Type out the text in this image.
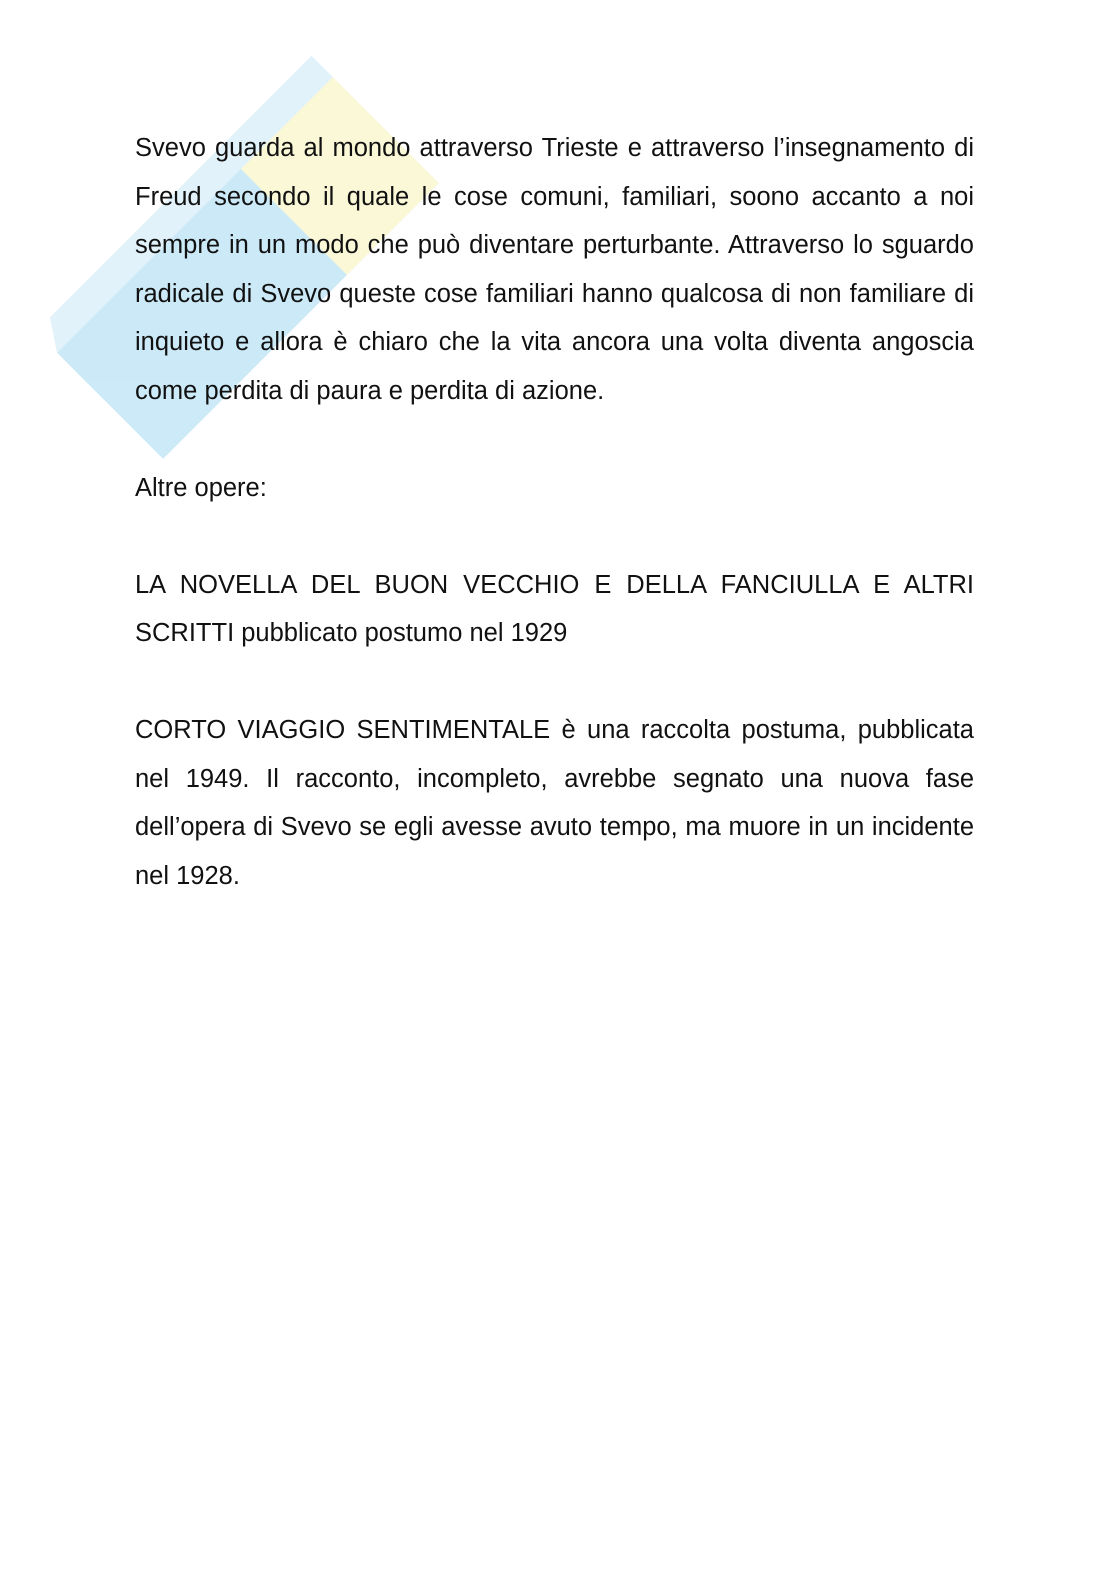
Svevo guarda al mondo attraverso Trieste e attraverso l’insegnamento di Freud secondo il quale le cose comuni, familiari, soono accanto a noi sempre in un modo che può diventare perturbante. Attraverso lo sguardo radicale di Svevo queste cose familiari hanno qualcosa di non familiare di inquieto e allora è chiaro che la vita ancora una volta diventa angoscia come perdita di paura e perdita di azione.

Altre opere:

LA NOVELLA DEL BUON VECCHIO E DELLA FANCIULLA E ALTRI SCRITTI pubblicato postumo nel 1929

CORTO VIAGGIO SENTIMENTALE è una raccolta postuma, pubblicata nel 1949. Il racconto, incompleto, avrebbe segnato una nuova fase dell’opera di Svevo se egli avesse avuto tempo, ma muore in un incidente nel 1928.
